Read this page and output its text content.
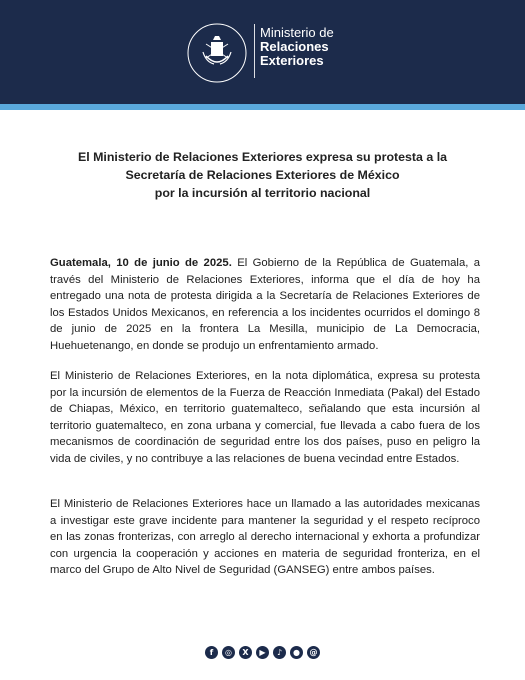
Ministerio de
Relaciones
Exteriores
El Ministerio de Relaciones Exteriores expresa su protesta a la
Secretaría de Relaciones Exteriores de México
por la incursión al territorio nacional
Guatemala, 10 de junio de 2025. El Gobierno de la República de Guatemala, a través del Ministerio de Relaciones Exteriores, informa que el día de hoy ha entregado una nota de protesta dirigida a la Secretaría de Relaciones Exteriores de los Estados Unidos Mexicanos, en referencia a los incidentes ocurridos el domingo 8 de junio de 2025 en la frontera La Mesilla, municipio de La Democracia, Huehuetenango, en donde se produjo un enfrentamiento armado.
El Ministerio de Relaciones Exteriores, en la nota diplomática, expresa su protesta por la incursión de elementos de la Fuerza de Reacción Inmediata (Pakal) del Estado de Chiapas, México, en territorio guatemalteco, señalando que esta incursión al territorio guatemalteco, en zona urbana y comercial, fue llevada a cabo fuera de los mecanismos de coordinación de seguridad entre los dos países, puso en peligro la vida de civiles, y no contribuye a las relaciones de buena vecindad entre Estados.
El Ministerio de Relaciones Exteriores hace un llamado a las autoridades mexicanas a investigar este grave incidente para mantener la seguridad y el respeto recíproco en las zonas fronterizas, con arreglo al derecho internacional y exhorta a profundizar con urgencia la cooperación y acciones en materia de seguridad fronteriza, en el marco del Grupo de Alto Nivel de Seguridad (GANSEG) entre ambos países.
f	◎	X	▶	♪	●	@
